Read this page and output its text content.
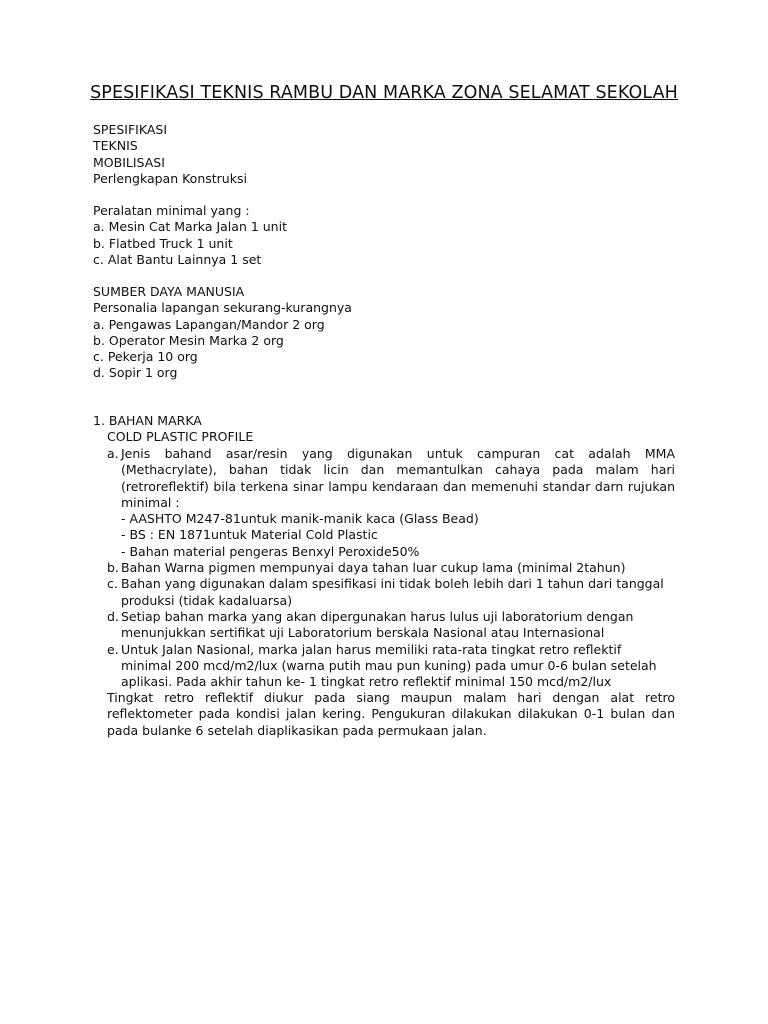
SPESIFIKASI TEKNIS RAMBU DAN MARKA ZONA SELAMAT SEKOLAH
SPESIFIKASI
TEKNIS
MOBILISASI
Perlengkapan Konstruksi
Peralatan minimal yang :
a. Mesin Cat Marka Jalan 1 unit
b. Flatbed Truck 1 unit
c. Alat Bantu Lainnya 1 set
SUMBER DAYA MANUSIA
Personalia lapangan sekurang-kurangnya
a. Pengawas Lapangan/Mandor 2 org
b. Operator Mesin Marka 2 org
c. Pekerja 10 org
d. Sopir 1 org
1. BAHAN MARKA
COLD PLASTIC PROFILE
a. Jenis bahand asar/resin yang digunakan untuk campuran cat adalah MMA (Methacrylate), bahan tidak licin dan memantulkan cahaya pada malam hari (retroreflektif) bila terkena sinar lampu kendaraan dan memenuhi standar darn rujukan minimal :
- AASHTO M247-81untuk manik-manik kaca (Glass Bead)
- BS : EN 1871untuk Material Cold Plastic
- Bahan material pengeras Benxyl Peroxide50%
b. Bahan Warna pigmen mempunyai daya tahan luar cukup lama (minimal 2tahun)
c. Bahan yang digunakan dalam spesifikasi ini tidak boleh lebih dari 1 tahun dari tanggal produksi (tidak kadaluarsa)
d. Setiap bahan marka yang akan dipergunakan harus lulus uji laboratorium dengan menunjukkan sertifikat uji Laboratorium berskala Nasional atau Internasional
e. Untuk Jalan Nasional, marka jalan harus memiliki rata-rata tingkat retro reflektif minimal 200 mcd/m2/lux (warna putih mau pun kuning) pada umur 0-6 bulan setelah aplikasi. Pada akhir tahun ke- 1 tingkat retro reflektif minimal 150 mcd/m2/lux
Tingkat retro reflektif diukur pada siang maupun malam hari dengan alat retro reflektometer pada kondisi jalan kering. Pengukuran dilakukan dilakukan 0-1 bulan dan pada bulanke 6 setelah diaplikasikan pada permukaan jalan.
